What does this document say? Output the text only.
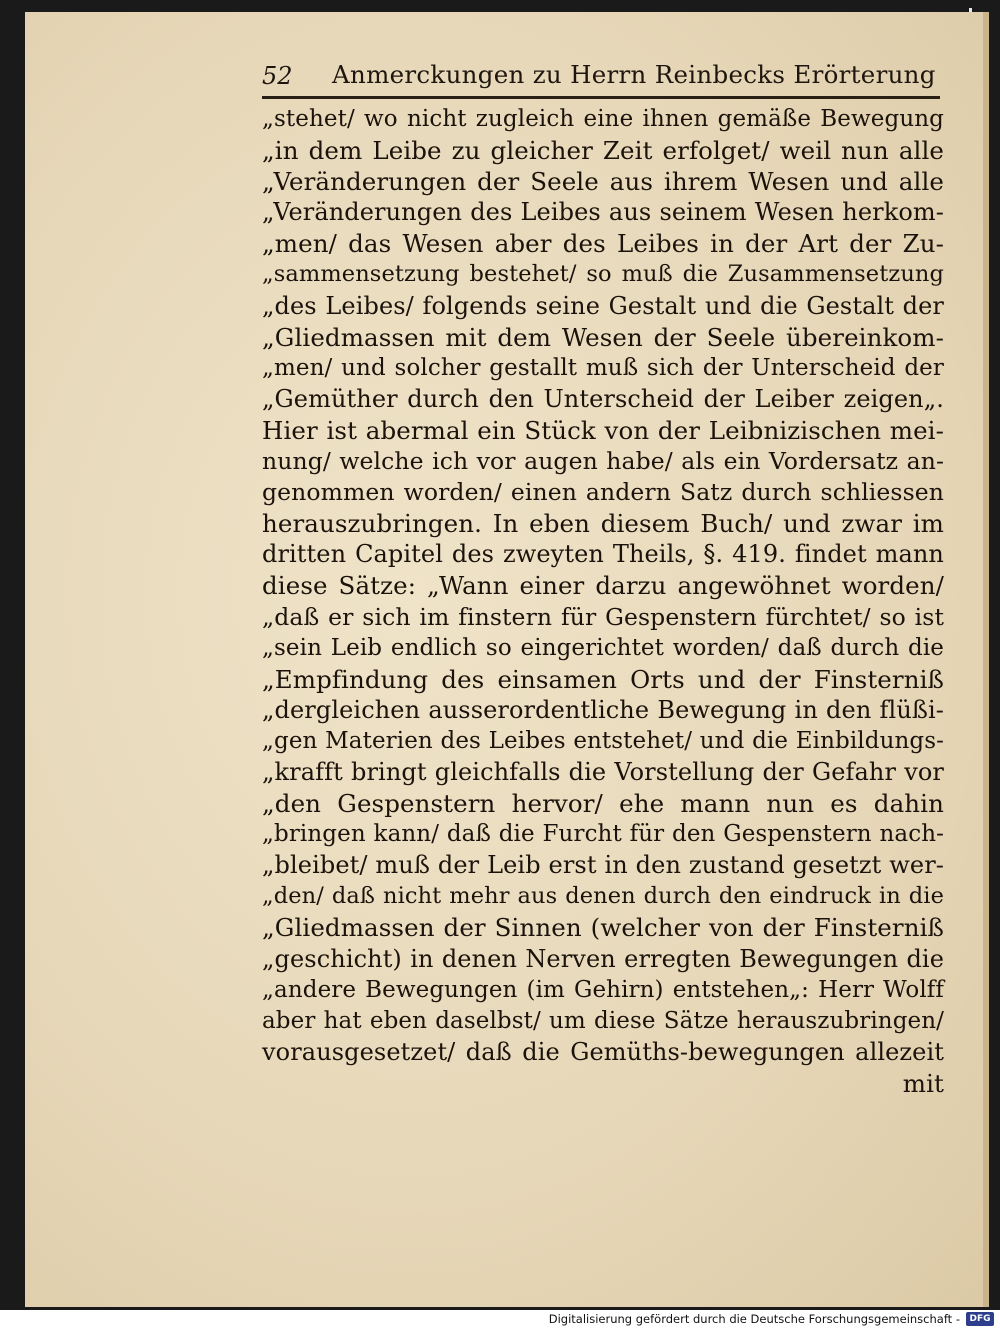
52 Anmerckungen zu Herrn Reinbecks Erörterung
„stehet/ wo nicht zugleich eine ihnen gemäße Bewegung
„in dem Leibe zu gleicher Zeit erfolget/ weil nun alle
„Veränderungen der Seele aus ihrem Wesen und alle
„Veränderungen des Leibes aus seinem Wesen herkom-
„men/ das Wesen aber des Leibes in der Art der Zu-
„sammensetzung bestehet/ so muß die Zusammensetzung
„des Leibes/ folgends seine Gestalt und die Gestalt der
„Gliedmassen mit dem Wesen der Seele übereinkom-
„men/ und solcher gestallt muß sich der Unterscheid der
„Gemüther durch den Unterscheid der Leiber zeigen„.
Hier ist abermal ein Stück von der Leibnizischen mei-
nung/ welche ich vor augen habe/ als ein Vordersatz an-
genommen worden/ einen andern Satz durch schliessen
herauszubringen. In eben diesem Buch/ und zwar im
dritten Capitel des zweyten Theils, §. 419. findet mann
diese Sätze: „Wann einer darzu angewöhnet worden/
„daß er sich im finstern für Gespenstern fürchtet/ so ist
„sein Leib endlich so eingerichtet worden/ daß durch die
„Empfindung des einsamen Orts und der Finsterniß
„dergleichen ausserordentliche Bewegung in den flüßi-
„gen Materien des Leibes entstehet/ und die Einbildungs-
„krafft bringt gleichfalls die Vorstellung der Gefahr vor
„den Gespenstern hervor/ ehe mann nun es dahin
„bringen kann/ daß die Furcht für den Gespenstern nach-
„bleibet/ muß der Leib erst in den zustand gesetzt wer-
„den/ daß nicht mehr aus denen durch den eindruck in die
„Gliedmassen der Sinnen (welcher von der Finsterniß
„geschicht) in denen Nerven erregten Bewegungen die
„andere Bewegungen (im Gehirn) entstehen„: Herr Wolff
aber hat eben daselbst/ um diese Sätze herauszubringen/
vorausgesetzet/ daß die Gemüths-bewegungen allezeit
mit
Digitalisierung gefördert durch die Deutsche Forschungsgemeinschaft -	DFG
